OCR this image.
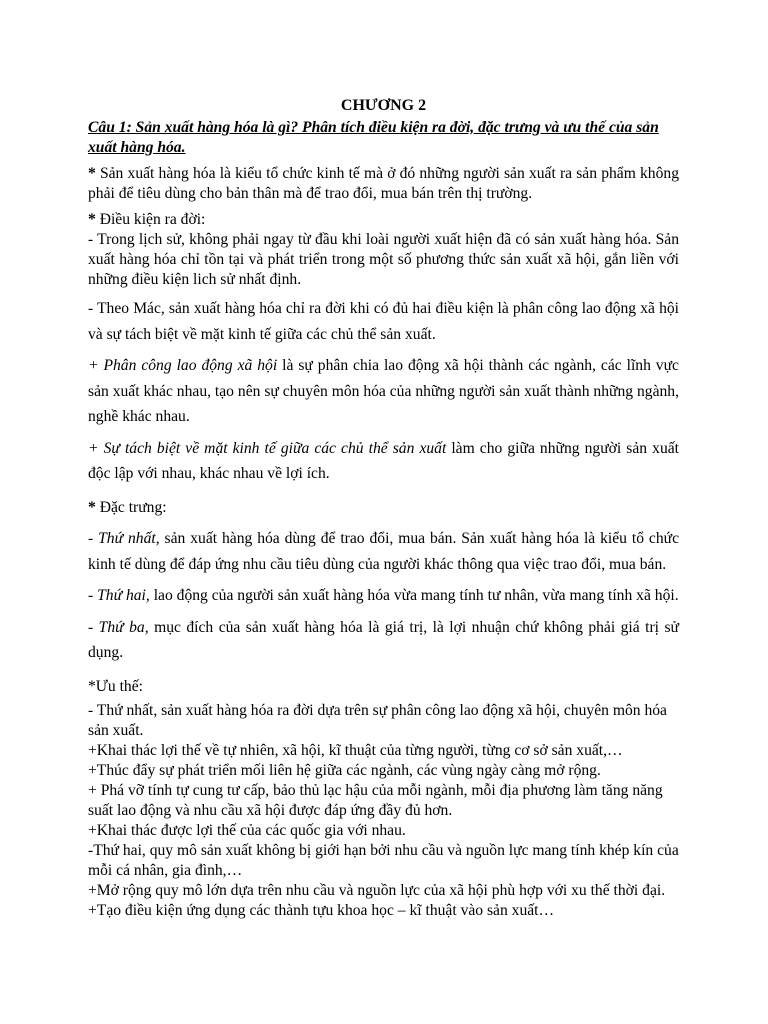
CHƯƠNG 2
Câu 1: Sản xuất hàng hóa là gì? Phân tích điều kiện ra đời, đặc trưng và ưu thế của sản xuất hàng hóa.
* Sản xuất hàng hóa là kiểu tổ chức kinh tế mà ở đó những người sản xuất ra sản phẩm không phải để tiêu dùng cho bản thân mà để trao đổi, mua bán trên thị trường.
* Điều kiện ra đời:
- Trong lịch sử, không phải ngay từ đầu khi loài người xuất hiện đã có sản xuất hàng hóa. Sản xuất hàng hóa chỉ tồn tại và phát triển trong một số phương thức sản xuất xã hội, gắn liền với những điều kiện lich sử nhất định.
- Theo Mác, sản xuất hàng hóa chỉ ra đời khi có đủ hai điều kiện là phân công lao động xã hội và sự tách biệt về mặt kinh tế giữa các chủ thể sản xuất.
+ Phân công lao động xã hội là sự phân chia lao động xã hội thành các ngành, các lĩnh vực sản xuất khác nhau, tạo nên sự chuyên môn hóa của những người sản xuất thành những ngành, nghề khác nhau.
+ Sự tách biệt về mặt kinh tế giữa các chủ thể sản xuất làm cho giữa những người sản xuất độc lập với nhau, khác nhau về lợi ích.
* Đặc trưng:
- Thứ nhất, sản xuất hàng hóa dùng để trao đổi, mua bán. Sản xuất hàng hóa là kiểu tổ chức kinh tế dùng để đáp ứng nhu cầu tiêu dùng của người khác thông qua việc trao đổi, mua bán.
- Thứ hai, lao động của người sản xuất hàng hóa vừa mang tính tư nhân, vừa mang tính xã hội.
- Thứ ba, mục đích của sản xuất hàng hóa là giá trị, là lợi nhuận chứ không phải giá trị sử dụng.
*Ưu thế:
- Thứ nhất, sản xuất hàng hóa ra đời dựa trên sự phân công lao động xã hội, chuyên môn hóa sản xuất.
+Khai thác lợi thế về tự nhiên, xã hội, kĩ thuật của từng người, từng cơ sở sản xuất,…
+Thúc đẩy sự phát triển mối liên hệ giữa các ngành, các vùng ngày càng mở rộng.
+ Phá vỡ tính tự cung tư cấp, bảo thủ lạc hậu của mỗi ngành, mỗi địa phương làm tăng năng suất lao động và nhu cầu xã hội được đáp ứng đầy đủ hơn.
+Khai thác được lợi thế của các quốc gia với nhau.
-Thứ hai, quy mô sản xuất không bị giới hạn bởi nhu cầu và nguồn lực mang tính khép kín của mỗi cá nhân, gia đình,…
+Mở rộng quy mô lớn dựa trên nhu cầu và nguồn lực của xã hội phù hợp với xu thế thời đại.
+Tạo điều kiện ứng dụng các thành tựu khoa học – kĩ thuật vào sản xuất…
